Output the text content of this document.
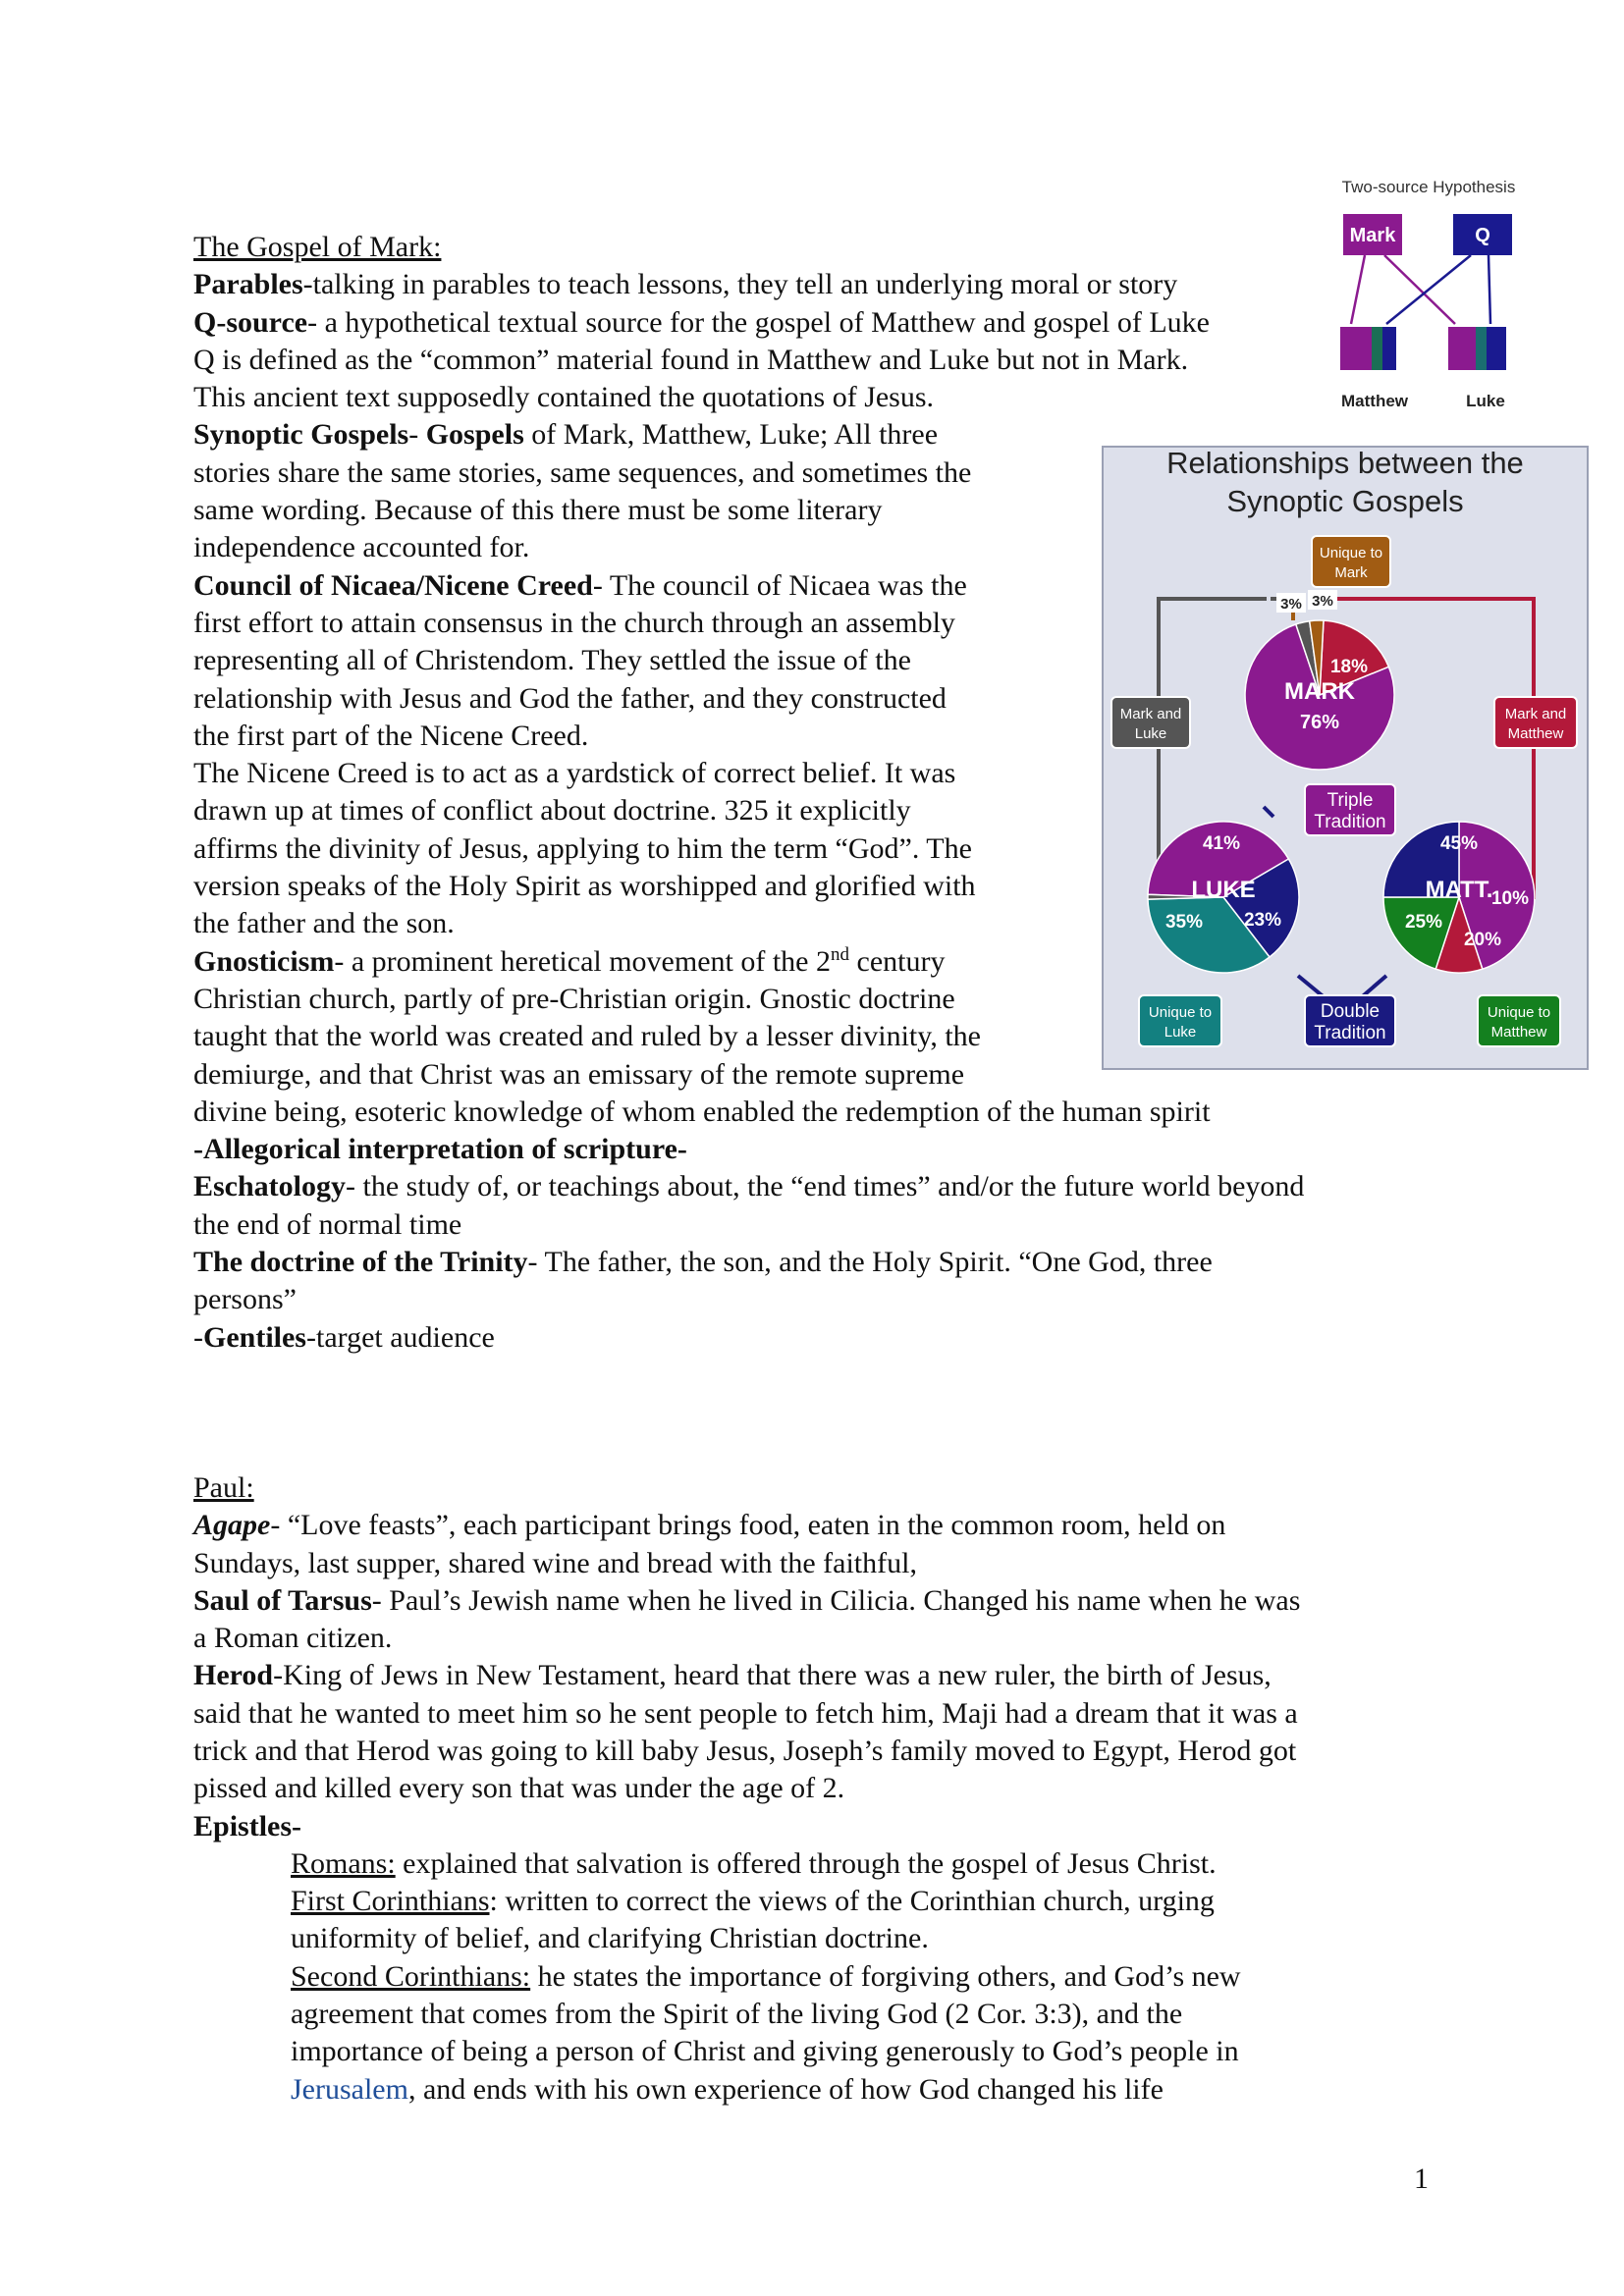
The Gospel of Mark:
Parables-talking in parables to teach lessons, they tell an underlying moral or story
Q-source- a hypothetical textual source for the gospel of Matthew and gospel of Luke
Q is defined as the “common” material found in Matthew and Luke but not in Mark.
This ancient text supposedly contained the quotations of Jesus.
Synoptic Gospels- Gospels of Mark, Matthew, Luke; All three
stories share the same stories, same sequences, and sometimes the
same wording. Because of this there must be some literary
independence accounted for.
Council of Nicaea/Nicene Creed- The council of Nicaea was the
first effort to attain consensus in the church through an assembly
representing all of Christendom. They settled the issue of the
relationship with Jesus and God the father, and they constructed
the first part of the Nicene Creed.
The Nicene Creed is to act as a yardstick of correct belief. It was
drawn up at times of conflict about doctrine. 325 it explicitly
affirms the divinity of Jesus, applying to him the term “God”. The
version speaks of the Holy Spirit as worshipped and glorified with
the father and the son.
Gnosticism- a prominent heretical movement of the 2nd century
Christian church, partly of pre-Christian origin. Gnostic doctrine
taught that the world was created and ruled by a lesser divinity, the
demiurge, and that Christ was an emissary of the remote supreme
divine being, esoteric knowledge of whom enabled the redemption of the human spirit
-Allegorical interpretation of scripture-
Eschatology- the study of, or teachings about, the “end times” and/or the future world beyond
the end of normal time
The doctrine of the Trinity- The father, the son, and the Holy Spirit. “One God, three
persons”
-Gentiles-target audience
Paul:
Agape- “Love feasts”, each participant brings food, eaten in the common room, held on
Sundays, last supper, shared wine and bread with the faithful,
Saul of Tarsus- Paul’s Jewish name when he lived in Cilicia. Changed his name when he was
a Roman citizen.
Herod-King of Jews in New Testament, heard that there was a new ruler, the birth of Jesus,
said that he wanted to meet him so he sent people to fetch him, Maji had a dream that it was a
trick and that Herod was going to kill baby Jesus, Joseph’s family moved to Egypt, Herod got
pissed and killed every son that was under the age of 2.
Epistles-
Romans: explained that salvation is offered through the gospel of Jesus Christ.
First Corinthians: written to correct the views of the Corinthian church, urging
uniformity of belief, and clarifying Christian doctrine.
Second Corinthians: he states the importance of forgiving others, and God’s new
agreement that comes from the Spirit of the living God (2 Cor. 3:3), and the
importance of being a person of Christ and giving generously to God’s people in
Jerusalem, and ends with his own experience of how God changed his life
1
Two-source Hypothesis
Mark	Q
Matthew	Luke
Relationships between the
Synoptic Gospels
3% 3%
MARK
76%
18%
LUKE
41%
35% 23%
MATT.
45%
10%
20%
25%
Unique to
Mark
Mark and
Luke
Mark and
Matthew
Triple
Tradition
Double
Tradition
Unique to
Luke
Unique to
Matthew
